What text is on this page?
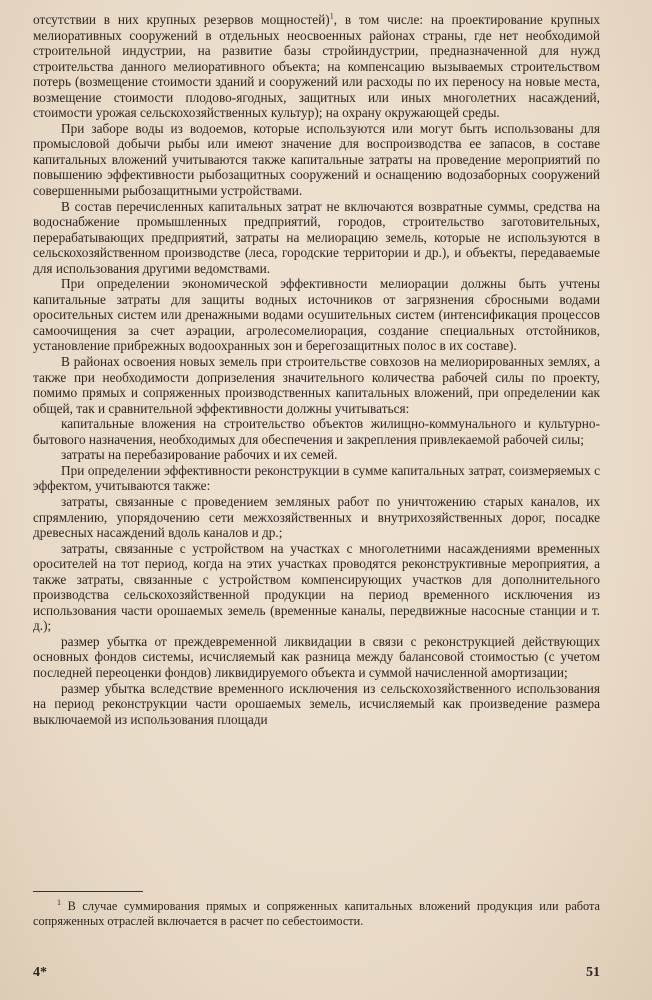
отсутствии в них крупных резервов мощностей)$^1$, в том числе: на проектирование крупных мелиоративных сооружений в отдельных неосвоенных районах страны, где нет необходимой строительной индустрии, на развитие базы стройиндустрии, предназначенной для нужд строительства данного мелиоративного объекта; на компенсацию вызываемых строительством потерь (возмещение стоимости зданий и сооружений или расходы по их переносу на новые места, возмещение стоимости плодово-ягодных, защитных или иных многолетних насаждений, стоимости урожая сельскохозяйственных культур); на охрану окружающей среды.

При заборе воды из водоемов, которые используются или могут быть использованы для промысловой добычи рыбы или имеют значение для воспроизводства ее запасов, в составе капитальных вложений учитываются также капитальные затраты на проведение мероприятий по повышению эффективности рыбозащитных сооружений и оснащению водозаборных сооружений совершенными рыбозащитными устройствами.

В состав перечисленных капитальных затрат не включаются возвратные суммы, средства на водоснабжение промышленных предприятий, городов, строительство заготовительных, перерабатывающих предприятий, затраты на мелиорацию земель, которые не используются в сельскохозяйственном производстве (леса, городские территории и др.), и объекты, передаваемые для использования другими ведомствами.

При определении экономической эффективности мелиорации должны быть учтены капитальные затраты для защиты водных источников от загрязнения сбросными водами оросительных систем или дренажными водами осушительных систем (интенсификация процессов самоочищения за счет аэрации, агролесомелиорация, создание специальных отстойников, установление прибрежных водоохранных зон и берегозащитных полос в их составе).

В районах освоения новых земель при строительстве совхозов на мелиорированных землях, а также при необходимости допризеления значительного количества рабочей силы по проекту, помимо прямых и сопряженных производственных капитальных вложений, при определении как общей, так и сравнительной эффективности должны учитываться:

капитальные вложения на строительство объектов жилищно-коммунального и культурно-бытового назначения, необходимых для обеспечения и закрепления привлекаемой рабочей силы;

затраты на перебазирование рабочих и их семей.

При определении эффективности реконструкции в сумме капитальных затрат, соизмеряемых с эффектом, учитываются также:

затраты, связанные с проведением земляных работ по уничтожению старых каналов, их спрямлению, упорядочению сети межхозяйственных и внутрихозяйственных дорог, посадке древесных насаждений вдоль каналов и др.;

затраты, связанные с устройством на участках с многолетними насаждениями временных оросителей на тот период, когда на этих участках проводятся реконструктивные мероприятия, а также затраты, связанные с устройством компенсирующих участков для дополнительного производства сельскохозяйственной продукции на период временного исключения из использования части орошаемых земель (временные каналы, передвижные насосные станции и т. д.);

размер убытка от преждевременной ликвидации в связи с реконструкцией действующих основных фондов системы, исчисляемый как разница между балансовой стоимостью (с учетом последней переоценки фондов) ликвидируемого объекта и суммой начисленной амортизации;

размер убытка вследствие временного исключения из сельскохозяйственного использования на период реконструкции части орошаемых земель, исчисляемый как произведение размера выключаемой из использования площади

$^1$ В случае суммирования прямых и сопряженных капитальных вложений продукция или работа сопряженных отраслей включается в расчет по себестоимости.

4*	51
